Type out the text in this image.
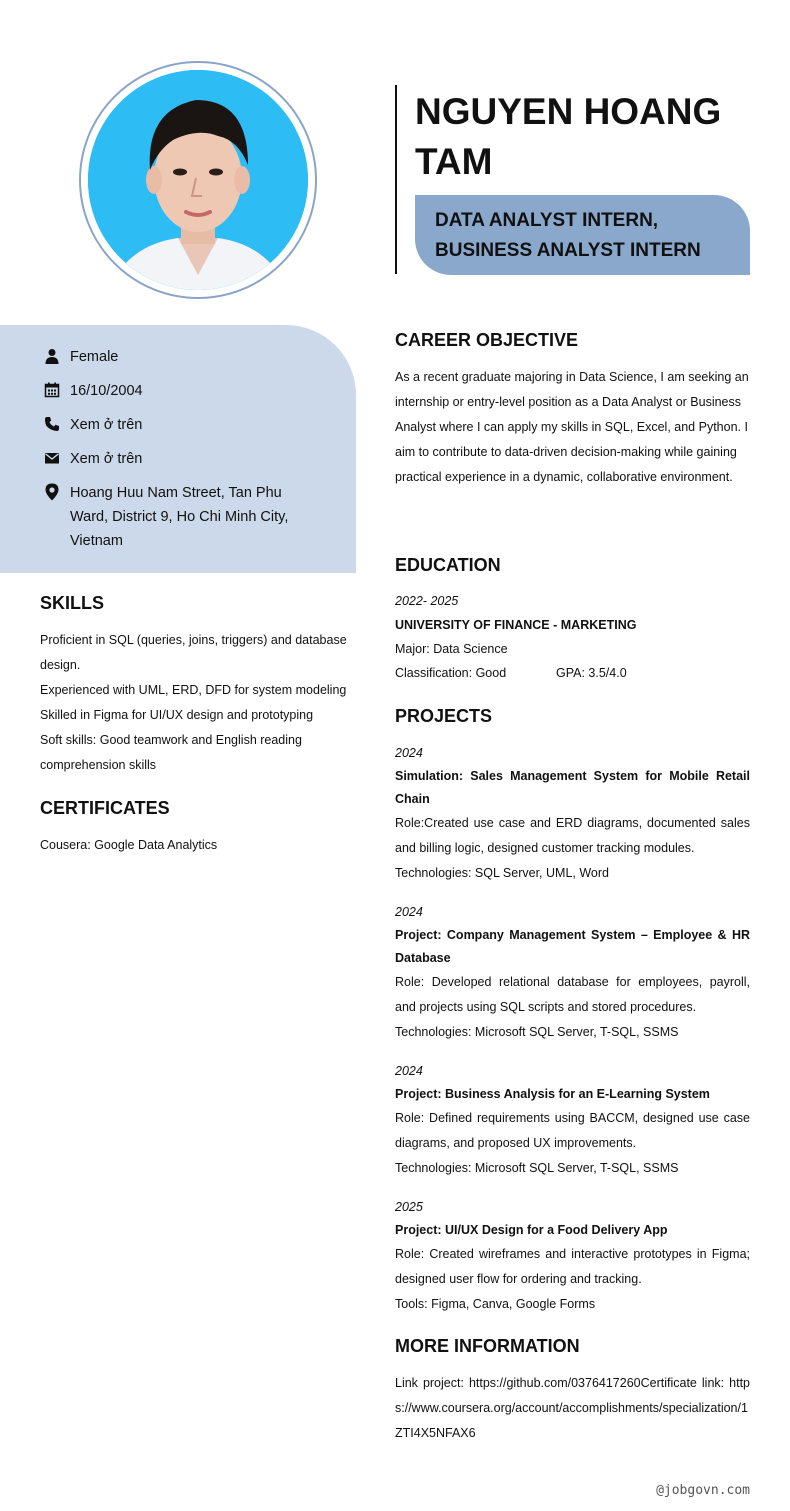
NGUYEN HOANG TAM
DATA ANALYST INTERN,
BUSINESS ANALYST INTERN
Female
16/10/2004
Xem ở trên
Xem ở trên
Hoang Huu Nam Street, Tan Phu Ward, District 9, Ho Chi Minh City, Vietnam
SKILLS

Proficient in SQL (queries, joins, triggers) and database design.

Experienced with UML, ERD, DFD for system modeling

Skilled in Figma for UI/UX design and prototyping

Soft skills: Good teamwork and English reading comprehension skills

CERTIFICATES
Cousera: Google Data Analytics
CAREER OBJECTIVE
As a recent graduate majoring in Data Science, I am seeking an internship or entry-level position as a Data Analyst or Business Analyst where I can apply my skills in SQL, Excel, and Python. I aim to contribute to data-driven decision-making while gaining practical experience in a dynamic, collaborative environment.
EDUCATION
2022- 2025
UNIVERSITY OF FINANCE - MARKETING
Major: Data Science
Classification: Good	GPA: 3.5/4.0
PROJECTS
2024
Simulation: Sales Management System for Mobile Retail Chain
Role:Created use case and ERD diagrams, documented sales and billing logic, designed customer tracking modules.
Technologies: SQL Server, UML, Word
2024
Project: Company Management System – Employee & HR Database
Role: Developed relational database for employees, payroll, and projects using SQL scripts and stored procedures.
Technologies: Microsoft SQL Server, T-SQL, SSMS
2024
Project: Business Analysis for an E-Learning System
Role: Defined requirements using BACCM, designed use case diagrams, and proposed UX improvements.
Technologies: Microsoft SQL Server, T-SQL, SSMS
2025
Project: UI/UX Design for a Food Delivery App
Role: Created wireframes and interactive prototypes in Figma; designed user flow for ordering and tracking.
Tools: Figma, Canva, Google Forms
MORE INFORMATION
Link project: https://github.com/0376417260Certificate link: https://www.coursera.org/account/accomplishments/specialization/1ZTI4X5NFAX6
@jobgovn.com
